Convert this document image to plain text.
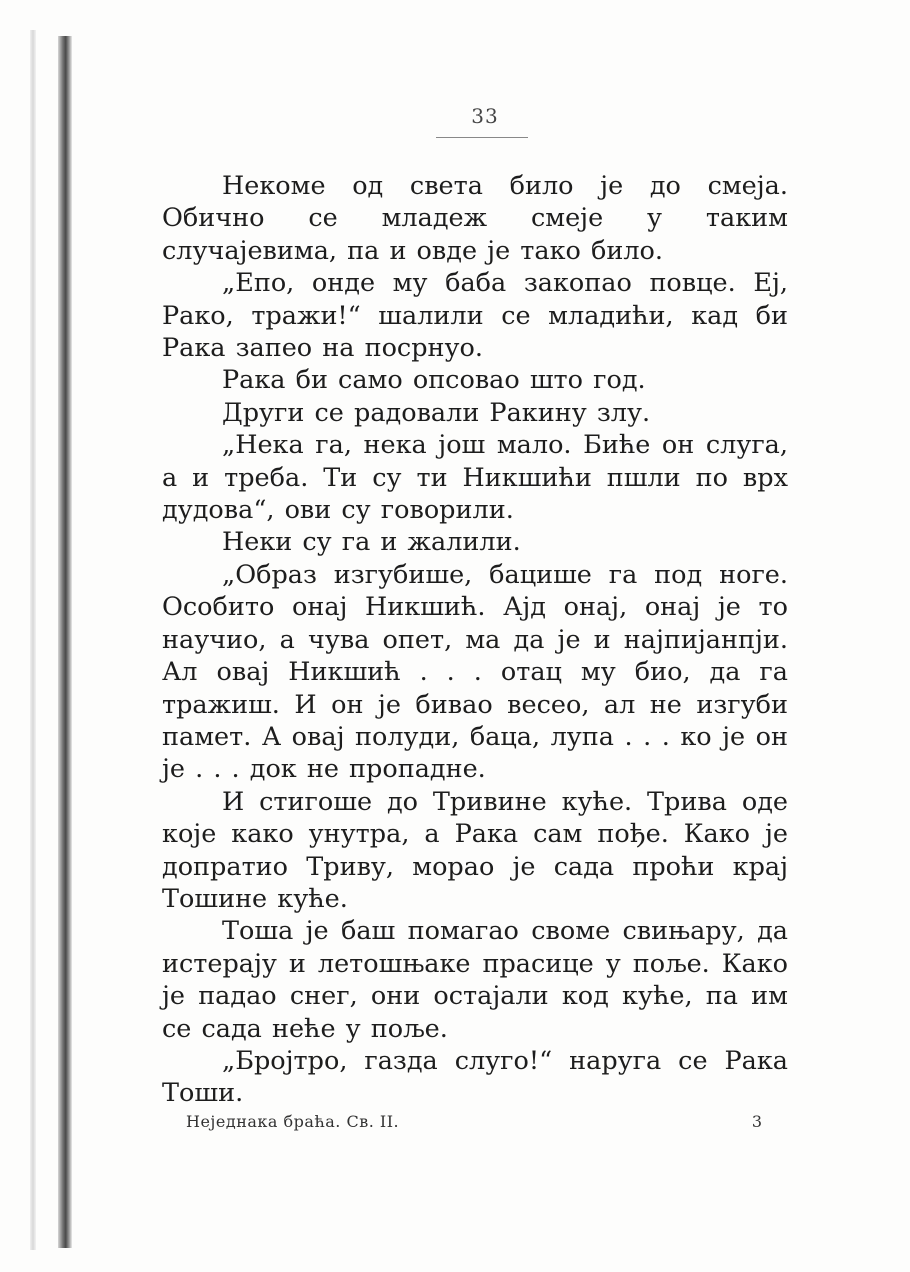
33

Некоме од света било је до смеја. Обично се младеж смеје у таким случајевима, па и овде је тако било.

„Епо, онде му баба закопао повце. Еј, Рако, тражи!“ шалили се младићи, кад би Рака запео на посрнуо.

Рака би само опсовао што год.

Други се радовали Ракину злу.

„Нека га, нека још мало. Биће он слуга, а и треба. Ти су ти Никшићи пшли по врх дудова“, ови су говорили.

Неки су га и жалили.

„Образ изгубише, бацише га под ноге. Особито онај Никшић. Ајд онај, онај је то научио, а чува опет, ма да је и најпијанпји. Ал овај Никшић . . . отац му био, да га тражиш. И он је бивао весео, ал не изгуби памет. А овај полуди, баца, лупа . . . ко је он је . . . док не пропадне.

И стигоше до Тривине куће. Трива оде које како унутра, а Рака сам пође. Како је допратио Триву, морао је сада проћи крај Тошине куће.

Тоша је баш помагао своме свињару, да истерају и летошњаке прасице у поље. Како је падао снег, они остајали код куће, па им се сада неће у поље.

„Бројтро, газда слуго!“ наруга се Рака Тоши.

Неједнака браћа. Св. II.	3
